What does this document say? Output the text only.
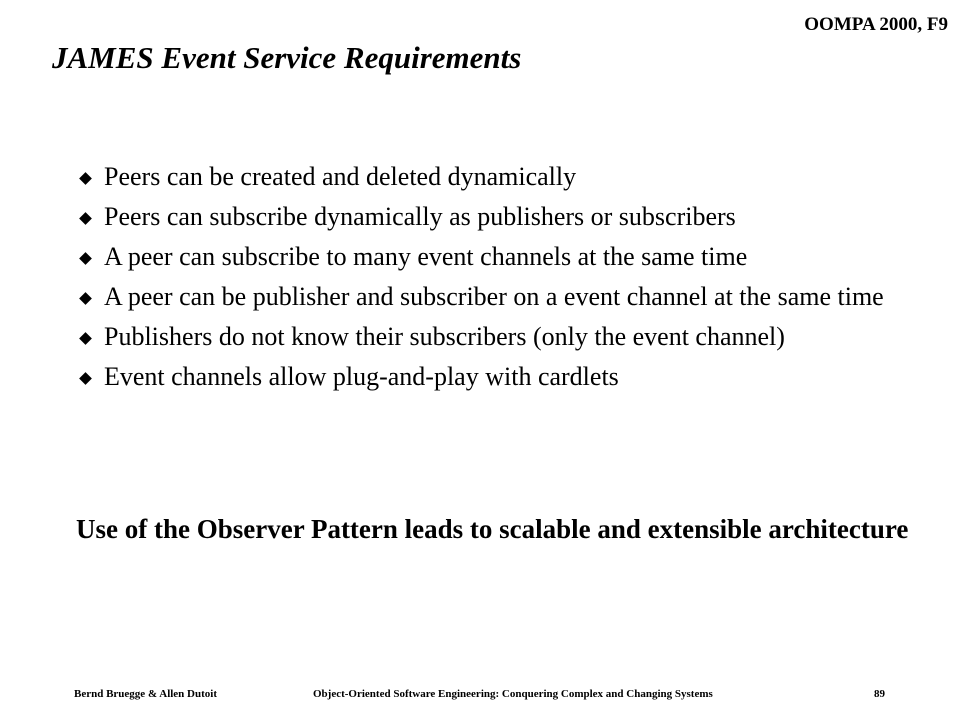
OOMPA 2000, F9
JAMES Event Service Requirements
Peers can be created and deleted dynamically
Peers can subscribe dynamically as publishers or subscribers
A peer can subscribe to many event channels at the same time
A peer can be publisher and subscriber on a event channel at the same time
Publishers do not know their subscribers (only the event channel)
Event channels allow plug-and-play with cardlets
Use of the Observer Pattern leads to scalable and extensible architecture
Bernd Bruegge & Allen Dutoit	Object-Oriented Software Engineering: Conquering Complex and Changing Systems	89
